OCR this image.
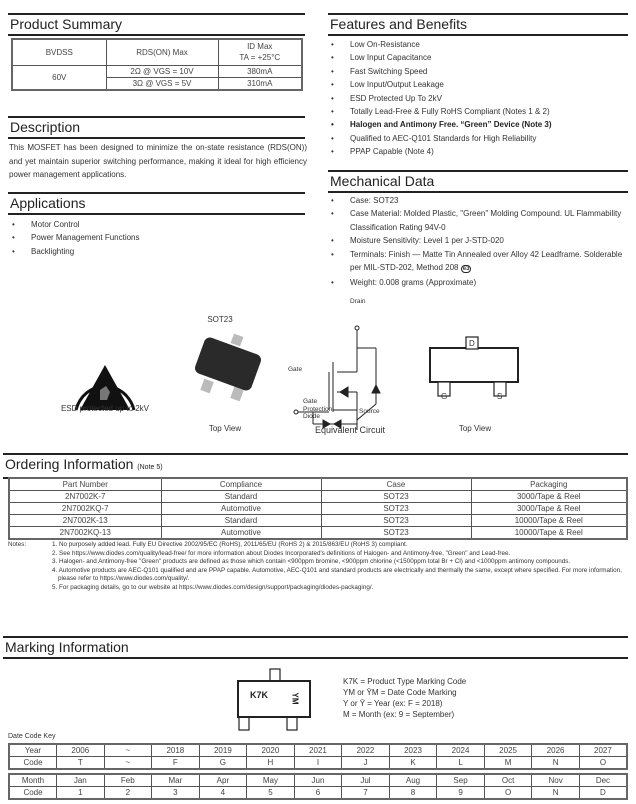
Product Summary
BVDSS	RDS(ON) Max	ID Max
TA = +25°C
60V	2Ω @ VGS = 10V	380mA
	3Ω @ VGS = 5V	310mA
Description
This MOSFET has been designed to minimize the on-state resistance (RDS(ON)) and yet maintain superior switching performance, making it ideal for high efficiency power management applications.
Applications
• Motor Control
• Power Management Functions
• Backlighting
Features and Benefits
• Low On-Resistance
• Low Input Capacitance
• Fast Switching Speed
• Low Input/Output Leakage
• ESD Protected Up To 2kV
• Totally Lead-Free & Fully RoHS Compliant (Notes 1 & 2)
• Halogen and Antimony Free. “Green” Device (Note 3)
• Qualified to AEC-Q101 Standards for High Reliability
• PPAP Capable (Note 4)
Mechanical Data
• Case: SOT23
• Case Material: Molded Plastic, "Green" Molding Compound. UL Flammability Classification Rating 94V-0
• Moisture Sensitivity: Level 1 per J-STD-020
• Terminals: Finish — Matte Tin Annealed over Alloy 42 Leadframe. Solderable per MIL-STD-202, Method 208 e3
• Weight: 0.008 grams (Approximate)
ESD protected up to 2kV
SOT23
Top View
Drain
Gate
Source
Gate Protection Diode
Equivalent Circuit
D
G	S
Top View
Ordering Information (Note 5)
Part Number	Compliance	Case	Packaging
2N7002K-7	Standard	SOT23	3000/Tape & Reel
2N7002KQ-7	Automotive	SOT23	3000/Tape & Reel
2N7002K-13	Standard	SOT23	10000/Tape & Reel
2N7002KQ-13	Automotive	SOT23	10000/Tape & Reel
Notes:	1. No purposely added lead. Fully EU Directive 2002/95/EC (RoHS), 2011/65/EU (RoHS 2) & 2015/863/EU (RoHS 3) compliant.
2. See https://www.diodes.com/quality/lead-free/ for more information about Diodes Incorporated's definitions of Halogen- and Antimony-free, "Green" and Lead-free.
3. Halogen- and Antimony-free "Green" products are defined as those which contain <900ppm bromine, <900ppm chlorine (<1500ppm total Br + Cl) and <1000ppm antimony compounds.
4. Automotive products are AEC-Q101 qualified and are PPAP capable. Automotive, AEC-Q101 and standard products are electrically and thermally the same, except where specified. For more information, please refer to https://www.diodes.com/quality/.
5. For packaging details, go to our website at https://www.diodes.com/design/support/packaging/diodes-packaging/.
Marking Information
K7K	YM
K7K = Product Type Marking Code
YM or ȲM = Date Code Marking
Y or Ȳ = Year (ex: F = 2018)
M = Month (ex: 9 = September)
Date Code Key
Year	2006	~	2018	2019	2020	2021	2022	2023	2024	2025	2026	2027
Code	T	~	F	G	H	I	J	K	L	M	N	O
Month	Jan	Feb	Mar	Apr	May	Jun	Jul	Aug	Sep	Oct	Nov	Dec
Code	1	2	3	4	5	6	7	8	9	O	N	D
